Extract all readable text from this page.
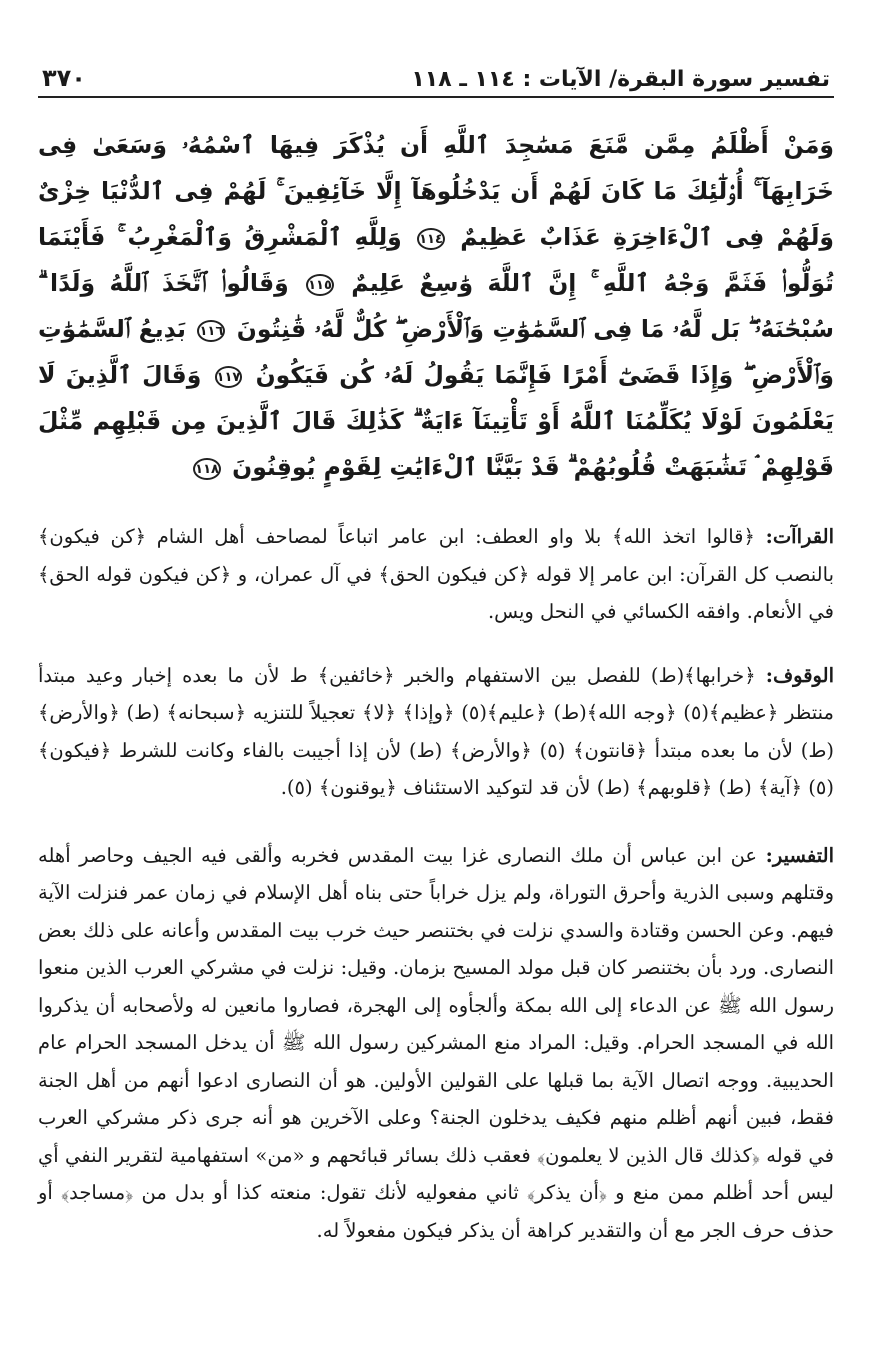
تفسير سورة البقرة/ الآيات : ١١٤ ـ ١١٨
٣٧٠
وَمَنْ أَظْلَمُ مِمَّن مَّنَعَ مَسَٰجِدَ ٱللَّهِ أَن يُذْكَرَ فِيهَا ٱسْمُهُۥ وَسَعَىٰ فِى خَرَابِهَآ ۚ أُو۟لَٰٓئِكَ مَا كَانَ لَهُمْ أَن يَدْخُلُوهَآ إِلَّا خَآئِفِينَ ۚ لَهُمْ فِى ٱلدُّنْيَا خِزْىٌ وَلَهُمْ فِى ٱلْءَاخِرَةِ عَذَابٌ عَظِيمٌ ١١٤ وَلِلَّهِ ٱلْمَشْرِقُ وَٱلْمَغْرِبُ ۚ فَأَيْنَمَا تُوَلُّوا۟ فَثَمَّ وَجْهُ ٱللَّهِ ۚ إِنَّ ٱللَّهَ وَٰسِعٌ عَلِيمٌ ١١٥ وَقَالُوا۟ ٱتَّخَذَ ٱللَّهُ وَلَدًا ۗ سُبْحَٰنَهُۥ ۖ بَل لَّهُۥ مَا فِى ٱلسَّمَٰوَٰتِ وَٱلْأَرْضِ ۖ كُلٌّ لَّهُۥ قَٰنِتُونَ ١١٦ بَدِيعُ ٱلسَّمَٰوَٰتِ وَٱلْأَرْضِ ۖ وَإِذَا قَضَىٰٓ أَمْرًا فَإِنَّمَا يَقُولُ لَهُۥ كُن فَيَكُونُ ١١٧ وَقَالَ ٱلَّذِينَ لَا يَعْلَمُونَ لَوْلَا يُكَلِّمُنَا ٱللَّهُ أَوْ تَأْتِينَآ ءَايَةٌ ۗ كَذَٰلِكَ قَالَ ٱلَّذِينَ مِن قَبْلِهِم مِّثْلَ قَوْلِهِمْ ۘ تَشَٰبَهَتْ قُلُوبُهُمْ ۗ قَدْ بَيَّنَّا ٱلْءَايَٰتِ لِقَوْمٍ يُوقِنُونَ ١١٨
القراآت: ﴿قالوا اتخذ الله﴾ بلا واو العطف: ابن عامر اتباعاً لمصاحف أهل الشام ﴿كن فيكون﴾ بالنصب كل القرآن: ابن عامر إلا قوله ﴿كن فيكون الحق﴾ في آل عمران، و ﴿كن فيكون قوله الحق﴾ في الأنعام. وافقه الكسائي في النحل ويس.
الوقوف: ﴿خرابها﴾(ط) للفصل بين الاستفهام والخبر ﴿خائفين﴾ ط لأن ما بعده إخبار وعيد مبتدأ منتظر ﴿عظيم﴾(٥) ﴿وجه الله﴾(ط) ﴿عليم﴾(٥) ﴿وإذا﴾ ﴿لا﴾ تعجيلاً للتنزيه ﴿سبحانه﴾ (ط) ﴿والأرض﴾ (ط) لأن ما بعده مبتدأ ﴿قانتون﴾ (٥) ﴿والأرض﴾ (ط) لأن إذا أجيبت بالفاء وكانت للشرط ﴿فيكون﴾ (٥) ﴿آية﴾ (ط) ﴿قلوبهم﴾ (ط) لأن قد لتوكيد الاستئناف ﴿يوقنون﴾ (٥).
التفسير: عن ابن عباس أن ملك النصارى غزا بيت المقدس فخربه وألقى فيه الجيف وحاصر أهله وقتلهم وسبى الذرية وأحرق التوراة، ولم يزل خراباً حتى بناه أهل الإسلام في زمان عمر فنزلت الآية فيهم. وعن الحسن وقتادة والسدي نزلت في بختنصر حيث خرب بيت المقدس وأعانه على ذلك بعض النصارى. ورد بأن بختنصر كان قبل مولد المسيح بزمان. وقيل: نزلت في مشركي العرب الذين منعوا رسول الله ﷺ عن الدعاء إلى الله بمكة وألجأوه إلى الهجرة، فصاروا مانعين له ولأصحابه أن يذكروا الله في المسجد الحرام. وقيل: المراد منع المشركين رسول الله ﷺ أن يدخل المسجد الحرام عام الحديبية. ووجه اتصال الآية بما قبلها على القولين الأولين. هو أن النصارى ادعوا أنهم من أهل الجنة فقط، فبين أنهم أظلم منهم فكيف يدخلون الجنة؟ وعلى الآخرين هو أنه جرى ذكر مشركي العرب في قوله ﴿كذلك قال الذين لا يعلمون﴾ فعقب ذلك بسائر قبائحهم و «من» استفهامية لتقرير النفي أي ليس أحد أظلم ممن منع و ﴿أن يذكر﴾ ثاني مفعوليه لأنك تقول: منعته كذا أو بدل من ﴿مساجد﴾ أو حذف حرف الجر مع أن والتقدير كراهة أن يذكر فيكون مفعولاً له.
